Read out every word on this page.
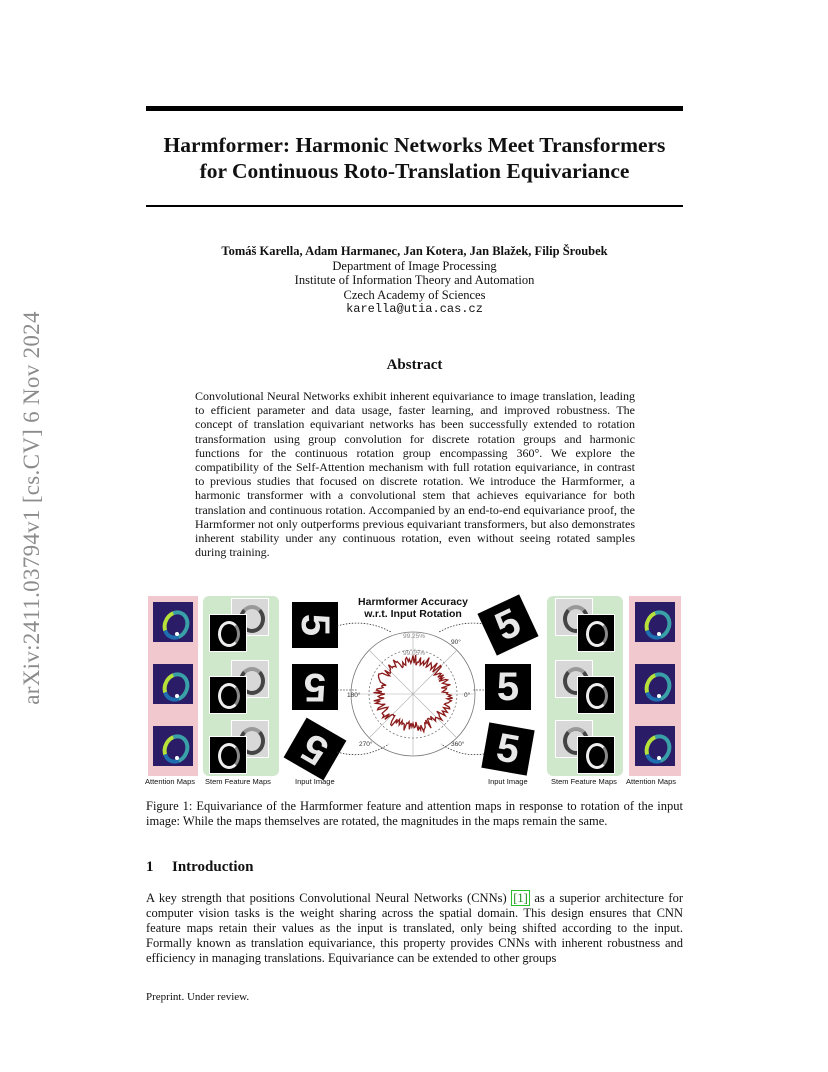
arXiv:2411.03794v1 [cs.CV] 6 Nov 2024
Harmformer: Harmonic Networks Meet Transformers
for Continuous Roto-Translation Equivariance
Tomáš Karella, Adam Harmanec, Jan Kotera, Jan Blažek, Filip Šroubek
Department of Image Processing
Institute of Information Theory and Automation
Czech Academy of Sciences
karella@utia.cas.cz
Abstract
Convolutional Neural Networks exhibit inherent equivariance to image translation, leading to efficient parameter and data usage, faster learning, and improved robustness. The concept of translation equivariant networks has been successfully extended to rotation transformation using group convolution for discrete rotation groups and harmonic functions for the continuous rotation group encompassing 360°. We explore the compatibility of the Self-Attention mechanism with full rotation equivariance, in contrast to previous studies that focused on discrete rotation. We introduce the Harmformer, a harmonic transformer with a convolutional stem that achieves equivariance for both translation and continuous rotation. Accompanied by an end-to-end equivariance proof, the Harmformer not only outperforms previous equivariant transformers, but also demonstrates inherent stability under any continuous rotation, even without seeing rotated samples during training.
5
5
5
Harmformer Accuracy
w.r.t. Input Rotation
99.25%
99.05%
90°
0°
180°
270°	360°
5
5
5
Attention Maps Stem Feature Maps	Input Image	Input Image	Stem Feature Maps Attention Maps
Figure 1: Equivariance of the Harmformer feature and attention maps in response to rotation of the input image: While the maps themselves are rotated, the magnitudes in the maps remain the same.
1 Introduction
A key strength that positions Convolutional Neural Networks (CNNs) [1] as a superior architecture for computer vision tasks is the weight sharing across the spatial domain. This design ensures that CNN feature maps retain their values as the input is translated, only being shifted according to the input. Formally known as translation equivariance, this property provides CNNs with inherent robustness and efficiency in managing translations. Equivariance can be extended to other groups
Preprint. Under review.
